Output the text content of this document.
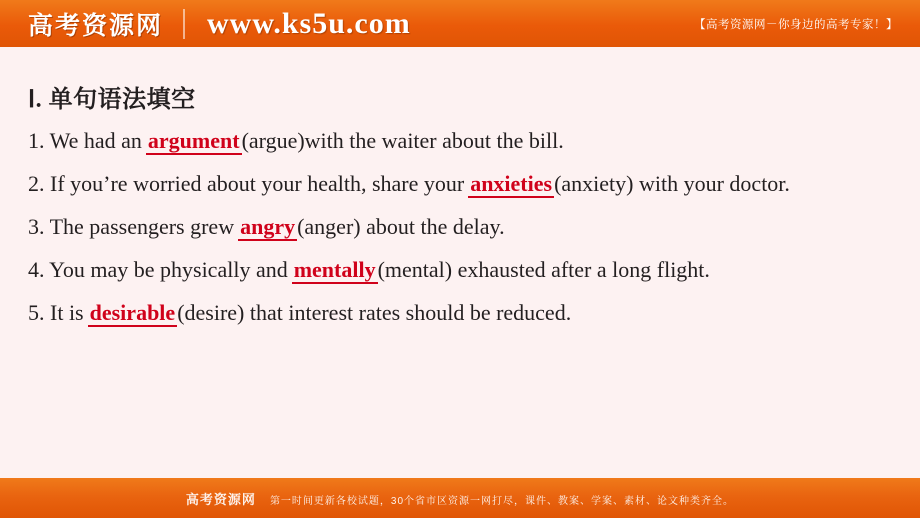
高考资源网 www.ks5u.com	【高考资源网－你身边的高考专家！】
Ⅰ. 单句语法填空
1. We had an argument(argue)with the waiter about the bill.
2. If you’re worried about your health, share your anxieties(anxiety) with your doctor.
3. The passengers grew angry(anger) about the delay.
4. You may be physically and mentally(mental) exhausted after a long flight.
5. It is desirable(desire) that interest rates should be reduced.
高考资源网 第一时间更新各校试题，30个省市区资源一网打尽，课件、教案、学案、素材、论文种类齐全。
